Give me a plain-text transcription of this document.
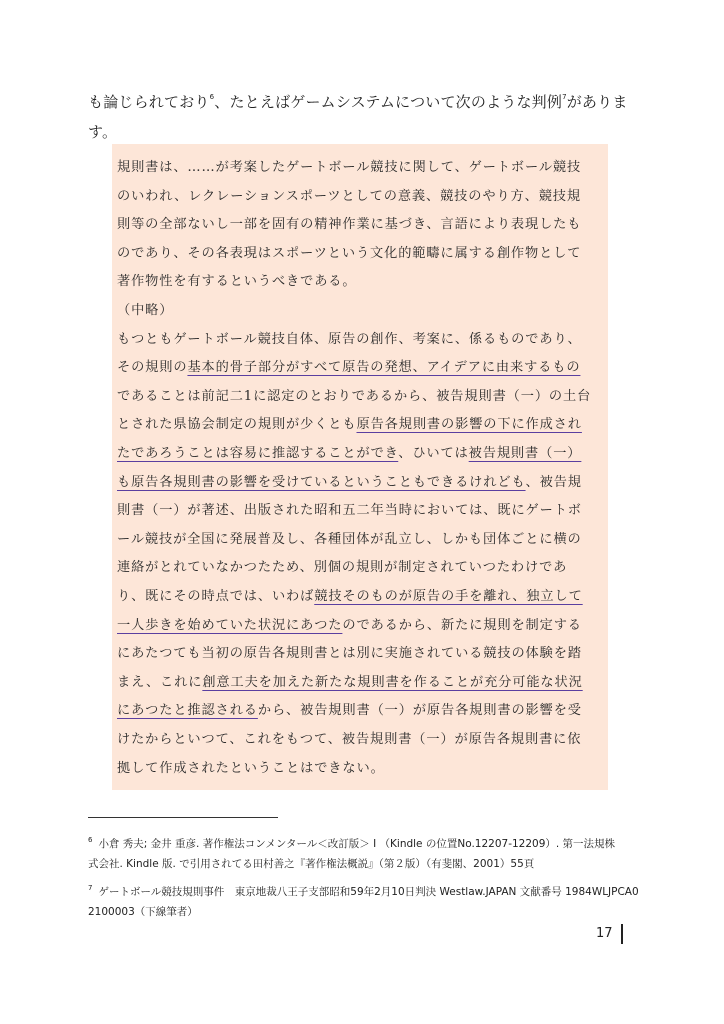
も論じられており$^6$、たとえばゲームシステムについて次のような判例$^7$がありま
す。
規則書は、……が考案したゲートボール競技に関して、ゲートボール競技
のいわれ、レクレーションスポーツとしての意義、競技のやり方、競技規
則等の全部ないし一部を固有の精神作業に基づき、言語により表現したも
のであり、その各表現はスポーツという文化的範疇に属する創作物として
著作物性を有するというべきである。
（中略）
もつともゲートボール競技自体、原告の創作、考案に、係るものであり、
その規則の基本的骨子部分がすべて原告の発想、アイデアに由来するもの
であることは前記二1に認定のとおりであるから、被告規則書（一）の土台
とされた県協会制定の規則が少くとも原告各規則書の影響の下に作成され
たであろうことは容易に推認することができ、ひいては被告規則書（一）
も原告各規則書の影響を受けているということもできるけれども、被告規
則書（一）が著述、出版された昭和五二年当時においては、既にゲートボ
ール競技が全国に発展普及し、各種団体が乱立し、しかも団体ごとに横の
連絡がとれていなかつたため、別個の規則が制定されていつたわけであ
り、既にその時点では、いわば競技そのものが原告の手を離れ、独立して
一人歩きを始めていた状況にあつたのであるから、新たに規則を制定する
にあたつても当初の原告各規則書とは別に実施されている競技の体験を踏
まえ、これに創意工夫を加えた新たな規則書を作ることが充分可能な状況
にあつたと推認されるから、被告規則書（一）が原告各規則書の影響を受
けたからといつて、これをもつて、被告規則書（一）が原告各規則書に依
拠して作成されたということはできない。
$^6$ 小倉 秀夫; 金井 重彦. 著作権法コンメンタール＜改訂版＞ I （Kindle の位置No.12207-12209）. 第一法規株
式会社. Kindle 版. で引用されてる田村善之『著作権法概説』（第２版）（有斐閣、2001）55頁
$^7$ ゲートボール競技規則事件　東京地裁八王子支部昭和59年2月10日判決 Westlaw.JAPAN 文献番号 1984WLJPCA0
2100003（下線筆者）
17
